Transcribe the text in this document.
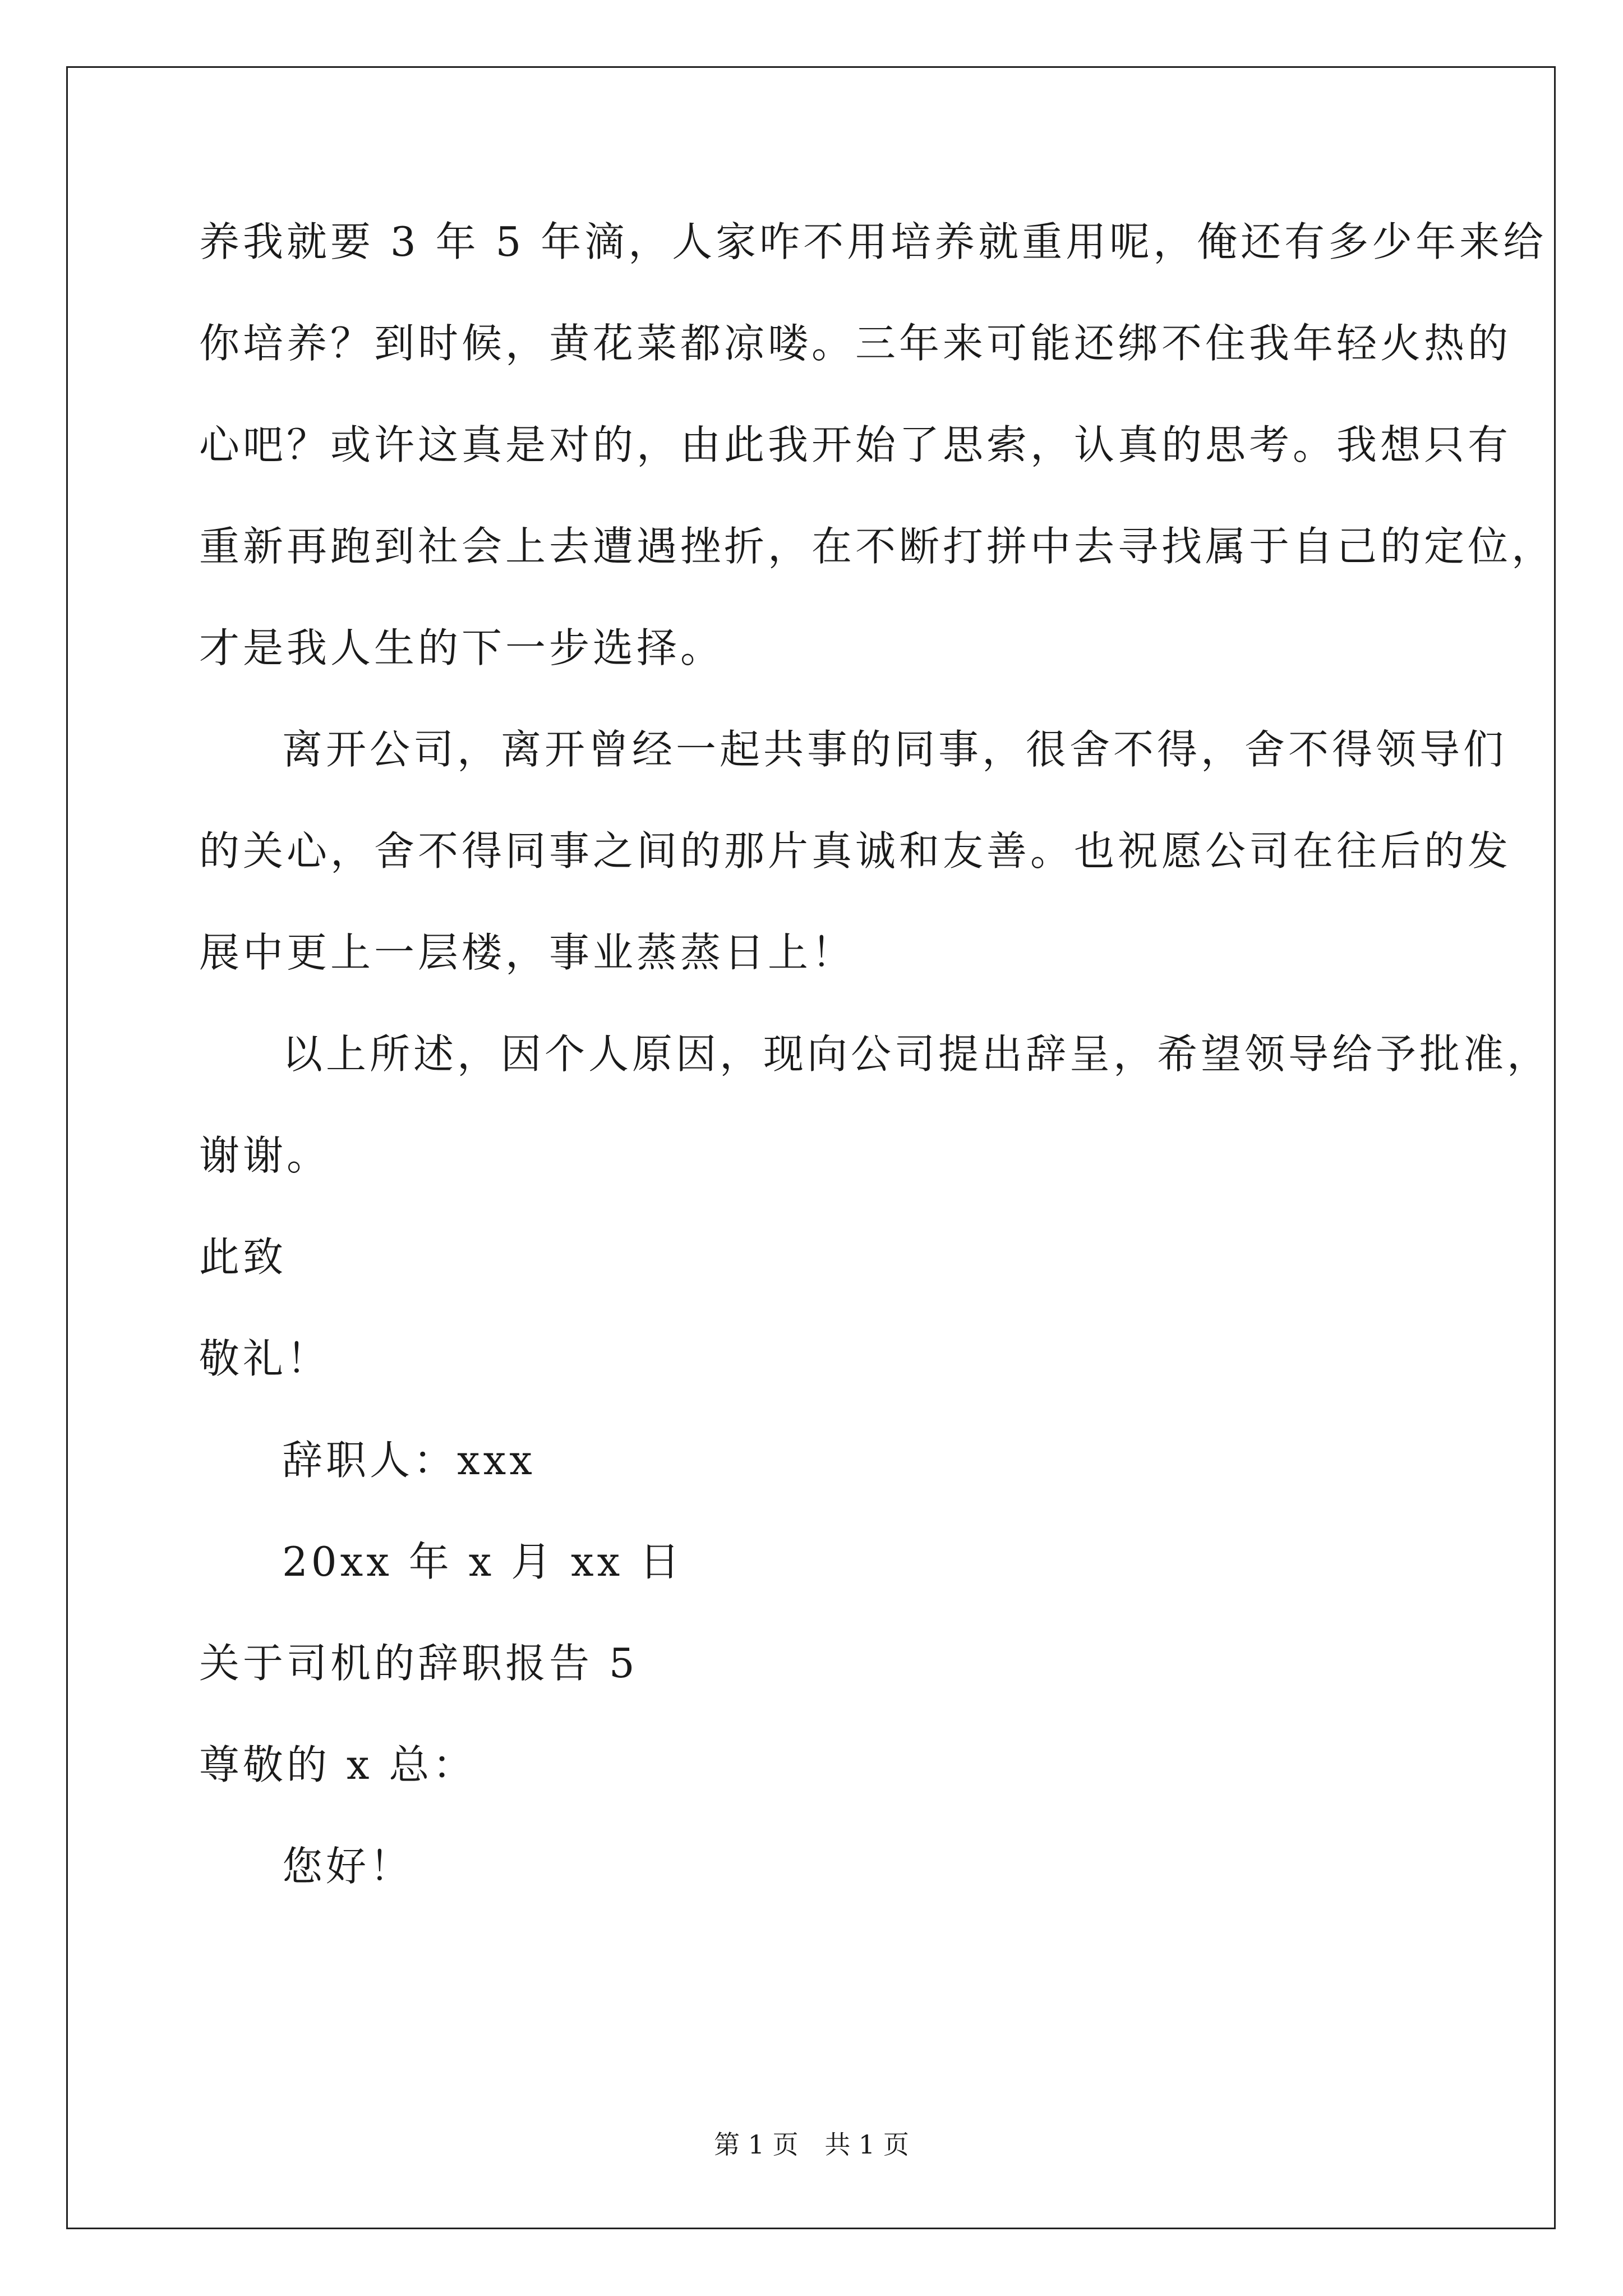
养我就要 3 年 5 年滴，人家咋不用培养就重用呢，俺还有多少年来给

你培养？到时候，黄花菜都凉喽。三年来可能还绑不住我年轻火热的

心吧？或许这真是对的，由此我开始了思索，认真的思考。我想只有

重新再跑到社会上去遭遇挫折，在不断打拼中去寻找属于自己的定位，

才是我人生的下一步选择。

离开公司，离开曾经一起共事的同事，很舍不得，舍不得领导们

的关心，舍不得同事之间的那片真诚和友善。也祝愿公司在往后的发

展中更上一层楼，事业蒸蒸日上！

以上所述，因个人原因，现向公司提出辞呈，希望领导给予批准，

谢谢。

此致

敬礼！

辞职人：xxx

20xx 年 x 月 xx 日

关于司机的辞职报告 5

尊敬的 x 总：

您好！

第 1 页 共 1 页
